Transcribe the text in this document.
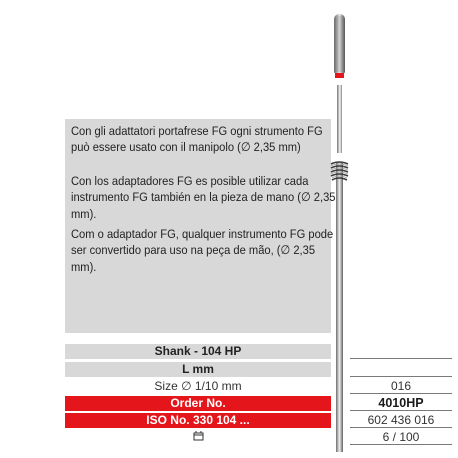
Con gli adattatori portafrese FG ogni strumento FG può essere usato con il manipolo (∅ 2,35 mm)

Con los adaptadores FG es posible utilizar cada instrumento FG también en la pieza de mano (∅ 2,35 mm).

Com o adaptador FG, qualquer instrumento FG pode ser convertido para uso na peça de mão, (∅ 2,35 mm).

Shank - 104 HP
L mm
Size ∅ 1/10 mm
Order No.
ISO No. 330 104 ...
016
4010HP
602 436 016
6 / 100
